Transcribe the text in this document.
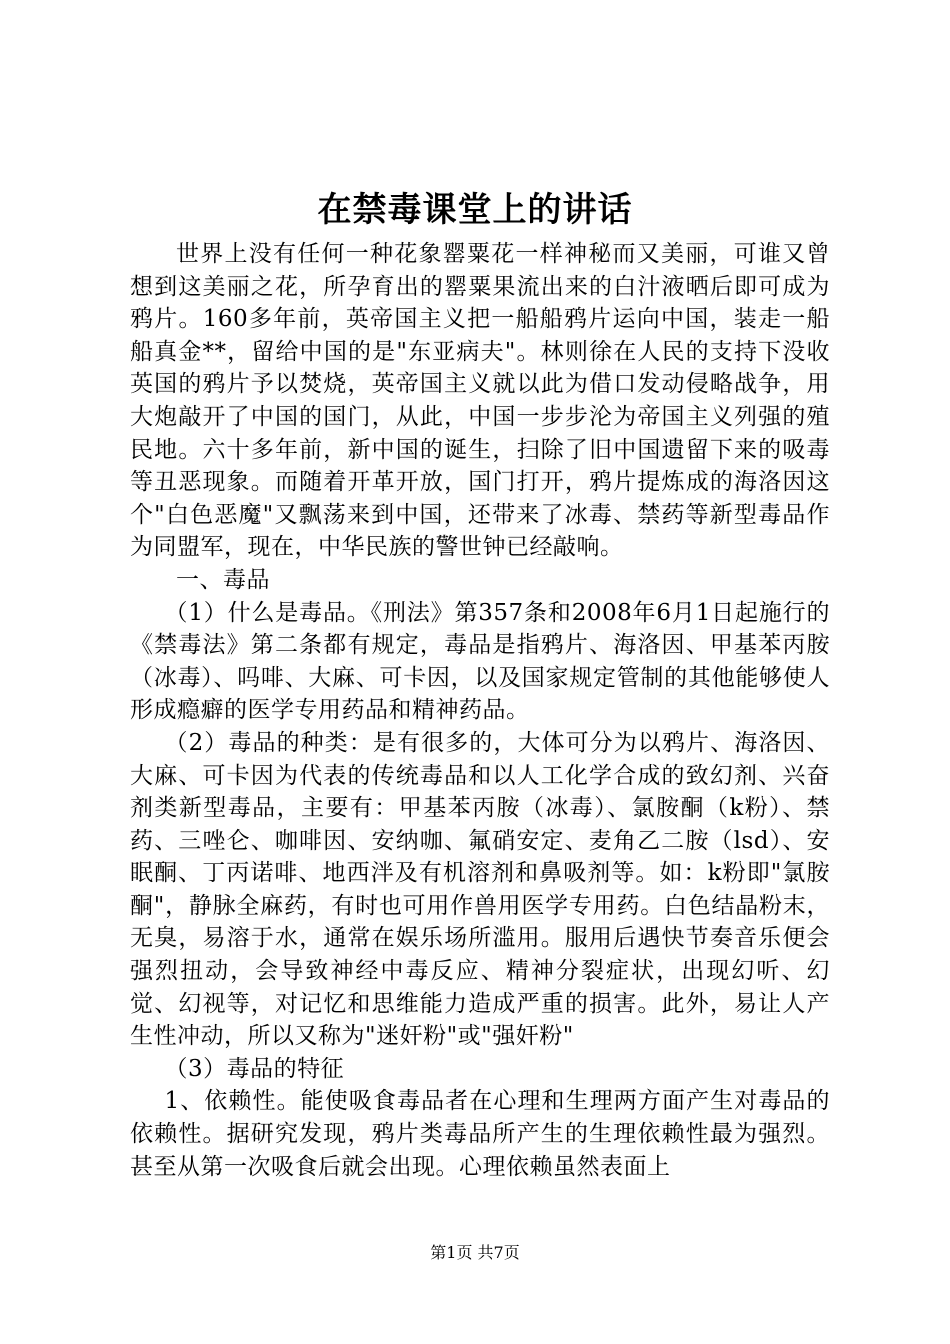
在禁毒课堂上的讲话

世界上没有任何一种花象罂粟花一样神秘而又美丽，可谁又曾想到这美丽之花，所孕育出的罂粟果流出来的白汁液晒后即可成为鸦片。160多年前，英帝国主义把一船船鸦片运向中国，装走一船船真金**，留给中国的是"东亚病夫"。林则徐在人民的支持下没收英国的鸦片予以焚烧，英帝国主义就以此为借口发动侵略战争，用大炮敲开了中国的国门，从此，中国一步步沦为帝国主义列强的殖民地。六十多年前，新中国的诞生，扫除了旧中国遗留下来的吸毒等丑恶现象。而随着开革开放，国门打开，鸦片提炼成的海洛因这个"白色恶魔"又飘荡来到中国，还带来了冰毒、禁药等新型毒品作为同盟军，现在，中华民族的警世钟已经敲响。

一、毒品

（1）什么是毒品。《刑法》第357条和2008年6月1日起施行的《禁毒法》第二条都有规定，毒品是指鸦片、海洛因、甲基苯丙胺（冰毒）、吗啡、大麻、可卡因，以及国家规定管制的其他能够使人形成瘾癖的医学专用药品和精神药品。

（2）毒品的种类：是有很多的，大体可分为以鸦片、海洛因、大麻、可卡因为代表的传统毒品和以人工化学合成的致幻剂、兴奋剂类新型毒品，主要有：甲基苯丙胺（冰毒）、氯胺酮（k粉）、禁药、三唑仑、咖啡因、安纳咖、氟硝安定、麦角乙二胺（lsd）、安眠酮、丁丙诺啡、地西泮及有机溶剂和鼻吸剂等。如：k粉即"氯胺酮"，静脉全麻药，有时也可用作兽用医学专用药。白色结晶粉末，无臭，易溶于水，通常在娱乐场所滥用。服用后遇快节奏音乐便会强烈扭动，会导致神经中毒反应、精神分裂症状，出现幻听、幻觉、幻视等，对记忆和思维能力造成严重的损害。此外，易让人产生性冲动，所以又称为"迷奸粉"或"强奸粉"

（3）毒品的特征

1、依赖性。能使吸食毒品者在心理和生理两方面产生对毒品的依赖性。据研究发现，鸦片类毒品所产生的生理依赖性最为强烈。甚至从第一次吸食后就会出现。心理依赖虽然表面上

第1页 共7页
